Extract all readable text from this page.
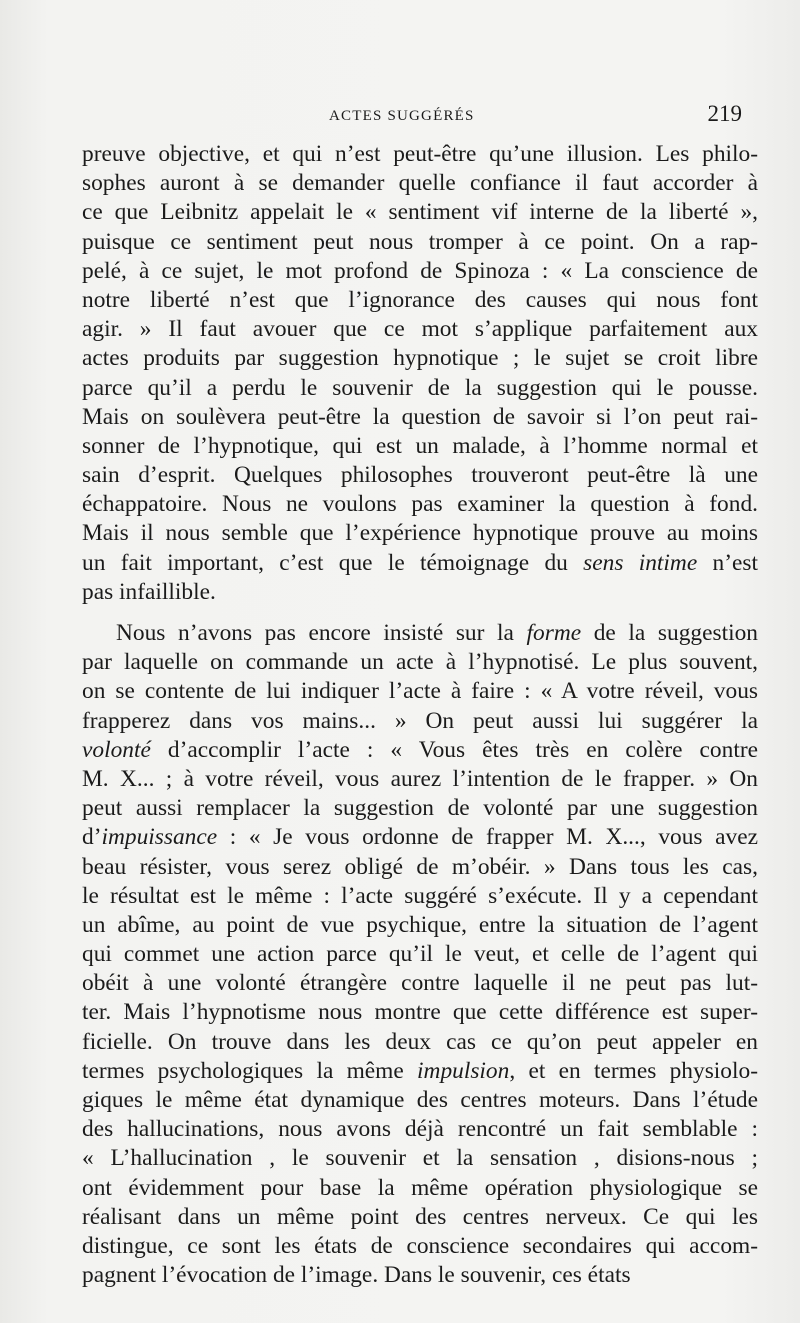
ACTES SUGGÉRÉS	219
preuve objective, et qui n’est peut-être qu’une illusion. Les philo-
sophes auront à se demander quelle confiance il faut accorder à
ce que Leibnitz appelait le « sentiment vif interne de la liberté »,
puisque ce sentiment peut nous tromper à ce point. On a rap-
pelé, à ce sujet, le mot profond de Spinoza : « La conscience de
notre liberté n’est que l’ignorance des causes qui nous font
agir. » Il faut avouer que ce mot s’applique parfaitement aux
actes produits par suggestion hypnotique ; le sujet se croit libre
parce qu’il a perdu le souvenir de la suggestion qui le pousse.
Mais on soulèvera peut-être la question de savoir si l’on peut rai-
sonner de l’hypnotique, qui est un malade, à l’homme normal et
sain d’esprit. Quelques philosophes trouveront peut-être là une
échappatoire. Nous ne voulons pas examiner la question à fond.
Mais il nous semble que l’expérience hypnotique prouve au moins
un fait important, c’est que le témoignage du sens intime n’est
pas infaillible.
Nous n’avons pas encore insisté sur la forme de la suggestion
par laquelle on commande un acte à l’hypnotisé. Le plus souvent,
on se contente de lui indiquer l’acte à faire : « A votre réveil, vous
frapperez dans vos mains... » On peut aussi lui suggérer la
volonté d’accomplir l’acte : « Vous êtes très en colère contre
M. X... ; à votre réveil, vous aurez l’intention de le frapper. » On
peut aussi remplacer la suggestion de volonté par une suggestion
d’impuissance : « Je vous ordonne de frapper M. X..., vous avez
beau résister, vous serez obligé de m’obéir. » Dans tous les cas,
le résultat est le même : l’acte suggéré s’exécute. Il y a cependant
un abîme, au point de vue psychique, entre la situation de l’agent
qui commet une action parce qu’il le veut, et celle de l’agent qui
obéit à une volonté étrangère contre laquelle il ne peut pas lut-
ter. Mais l’hypnotisme nous montre que cette différence est super-
ficielle. On trouve dans les deux cas ce qu’on peut appeler en
termes psychologiques la même impulsion, et en termes physiolo-
giques le même état dynamique des centres moteurs. Dans l’étude
des hallucinations, nous avons déjà rencontré un fait semblable :
« L’hallucination , le souvenir et la sensation , disions-nous ;
ont évidemment pour base la même opération physiologique se
réalisant dans un même point des centres nerveux. Ce qui les
distingue, ce sont les états de conscience secondaires qui accom-
pagnent l’évocation de l’image. Dans le souvenir, ces états
